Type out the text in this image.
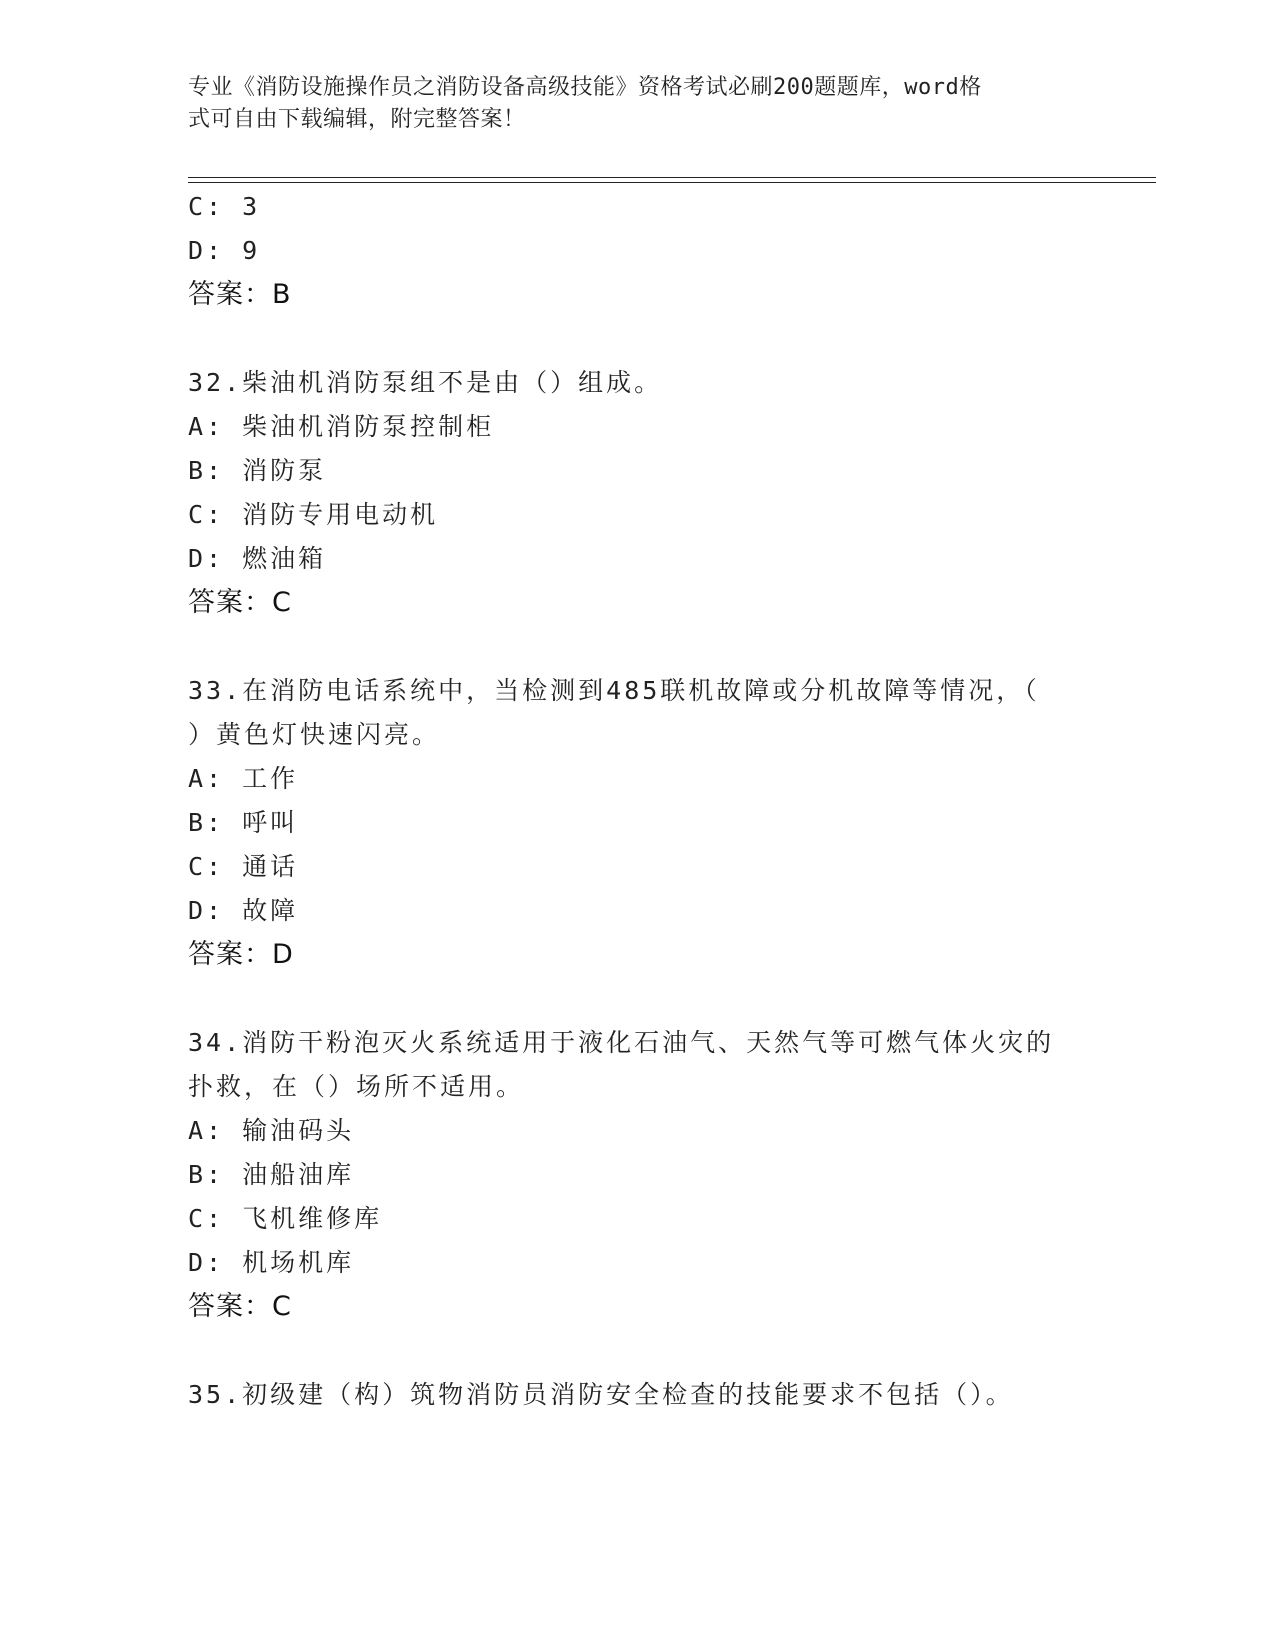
专业《消防设施操作员之消防设备高级技能》资格考试必刷200题题库，word格
式可自由下载编辑，附完整答案！
C: 3
D: 9
答案：B
32.柴油机消防泵组不是由（）组成。
A: 柴油机消防泵控制柜
B: 消防泵
C: 消防专用电动机
D: 燃油箱
答案：C
33.在消防电话系统中，当检测到485联机故障或分机故障等情况，（
）黄色灯快速闪亮。
A: 工作
B: 呼叫
C: 通话
D: 故障
答案：D
34.消防干粉泡灭火系统适用于液化石油气、天然气等可燃气体火灾的
扑救，在（）场所不适用。
A: 输油码头
B: 油船油库
C: 飞机维修库
D: 机场机库
答案：C
35.初级建（构）筑物消防员消防安全检查的技能要求不包括（）。
